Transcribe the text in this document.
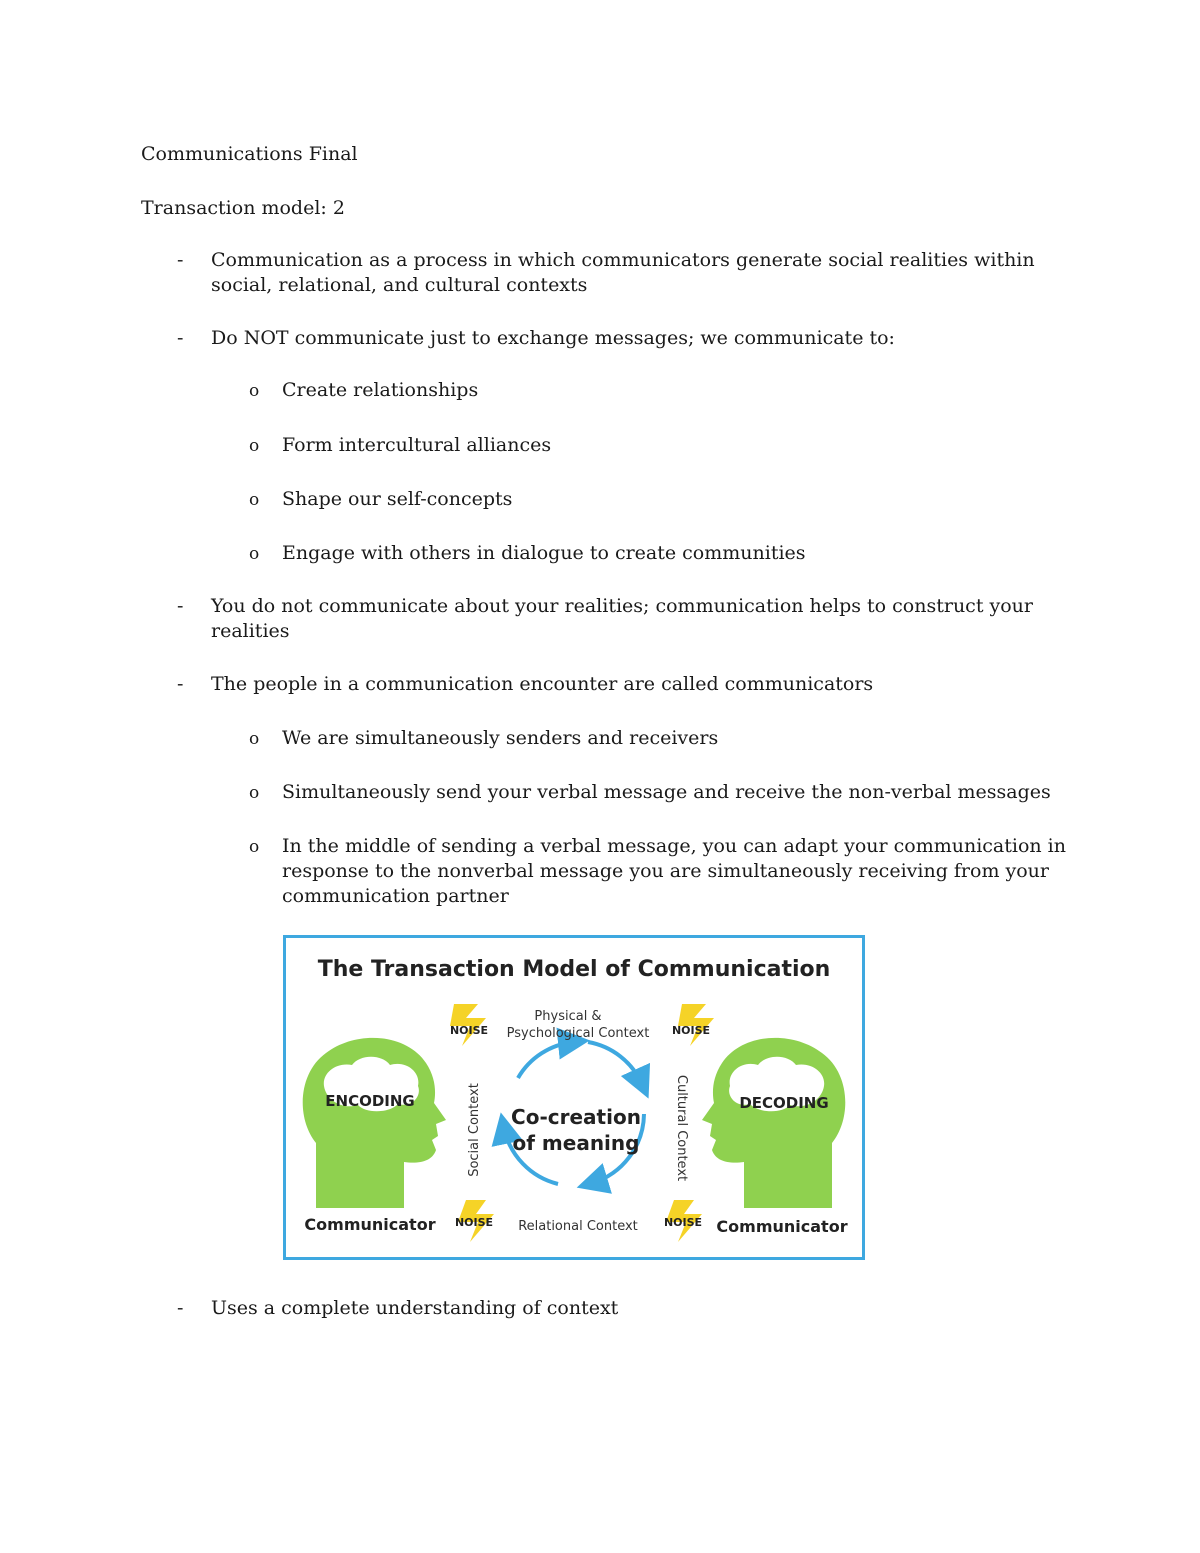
Communications Final
Transaction model: 2
- Communication as a process in which communicators generate social realities within
social, relational, and cultural contexts
- Do NOT communicate just to exchange messages; we communicate to:
o Create relationships
o Form intercultural alliances
o Shape our self-concepts
o Engage with others in dialogue to create communities
- You do not communicate about your realities; communication helps to construct your
realities
- The people in a communication encounter are called communicators
o We are simultaneously senders and receivers
o Simultaneously send your verbal message and receive the non-verbal messages
o In the middle of sending a verbal message, you can adapt your communication in
response to the nonverbal message you are simultaneously receiving from your
communication partner
The Transaction Model of Communication
ENCODING
Communicator
DECODING
Communicator
Co-creation
of meaning
Physical &
Psychological Context
Relational Context
Social Context	Cultural Context
NOISE	NOISE
NOISE	NOISE
- Uses a complete understanding of context
